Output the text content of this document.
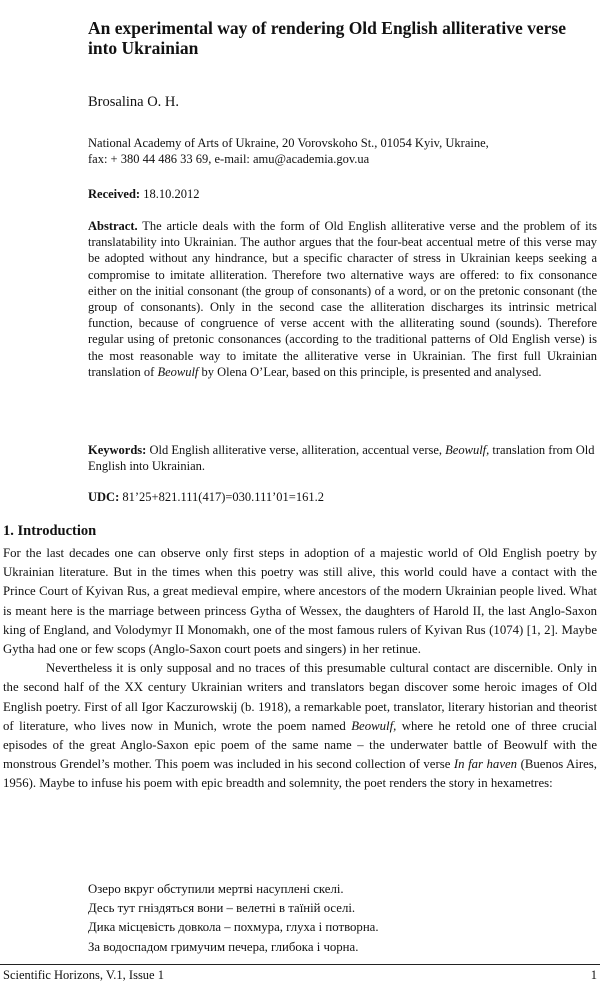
An experimental way of rendering Old English alliterative verse into Ukrainian
Brosalina O. H.
National Academy of Arts of Ukraine, 20 Vorovskoho St., 01054 Kyiv, Ukraine,
fax: + 380 44 486 33 69, e-mail: amu@academia.gov.ua
Received: 18.10.2012
Abstract. The article deals with the form of Old English alliterative verse and the problem of its translatability into Ukrainian. The author argues that the four-beat accentual metre of this verse may be adopted without any hindrance, but a specific character of stress in Ukrainian keeps seeking a compromise to imitate alliteration. Therefore two alternative ways are offered: to fix consonance either on the initial consonant (the group of consonants) of a word, or on the pretonic consonant (the group of consonants). Only in the second case the alliteration discharges its intrinsic metrical function, because of congruence of verse accent with the alliterating sound (sounds). Therefore regular using of pretonic consonances (according to the traditional patterns of Old English verse) is the most reasonable way to imitate the alliterative verse in Ukrainian. The first full Ukrainian translation of Beowulf by Olena O’Lear, based on this principle, is presented and analysed.
Keywords: Old English alliterative verse, alliteration, accentual verse, Beowulf, translation from Old English into Ukrainian.
UDC: 81’25+821.111(417)=030.111’01=161.2
1. Introduction

For the last decades one can observe only first steps in adoption of a majestic world of Old English poetry by Ukrainian literature. But in the times when this poetry was still alive, this world could have a contact with the Prince Court of Kyivan Rus, a great medieval empire, where ancestors of the modern Ukrainian people lived. What is meant here is the marriage between princess Gytha of Wessex, the daughters of Harold II, the last Anglo-Saxon king of England, and Volodymyr II Monomakh, one of the most famous rulers of Kyivan Rus (1074) [1, 2]. Maybe Gytha had one or few scops (Anglo-Saxon court poets and singers) in her retinue.

Nevertheless it is only supposal and no traces of this presumable cultural contact are discernible. Only in the second half of the XX century Ukrainian writers and translators began discover some heroic images of Old English poetry. First of all Igor Kaczurowskij (b. 1918), a remarkable poet, translator, literary historian and theorist of literature, who lives now in Munich, wrote the poem named Beowulf, where he retold one of three crucial episodes of the great Anglo-Saxon epic poem of the same name – the underwater battle of Beowulf with the monstrous Grendel’s mother. This poem was included in his second collection of verse In far haven (Buenos Aires, 1956). Maybe to infuse his poem with epic breadth and solemnity, the poet renders the story in hexametres:

Озеро вкруг обступили мертві насуплені скелі.
Десь тут гніздяться вони – велетні в таїній оселі.
Дика місцевість довкола – похмура, глуха і потворна.
За водоспадом гримучим печера, глибока і чорна.
Scientific Horizons, V.1, Issue 1	1
